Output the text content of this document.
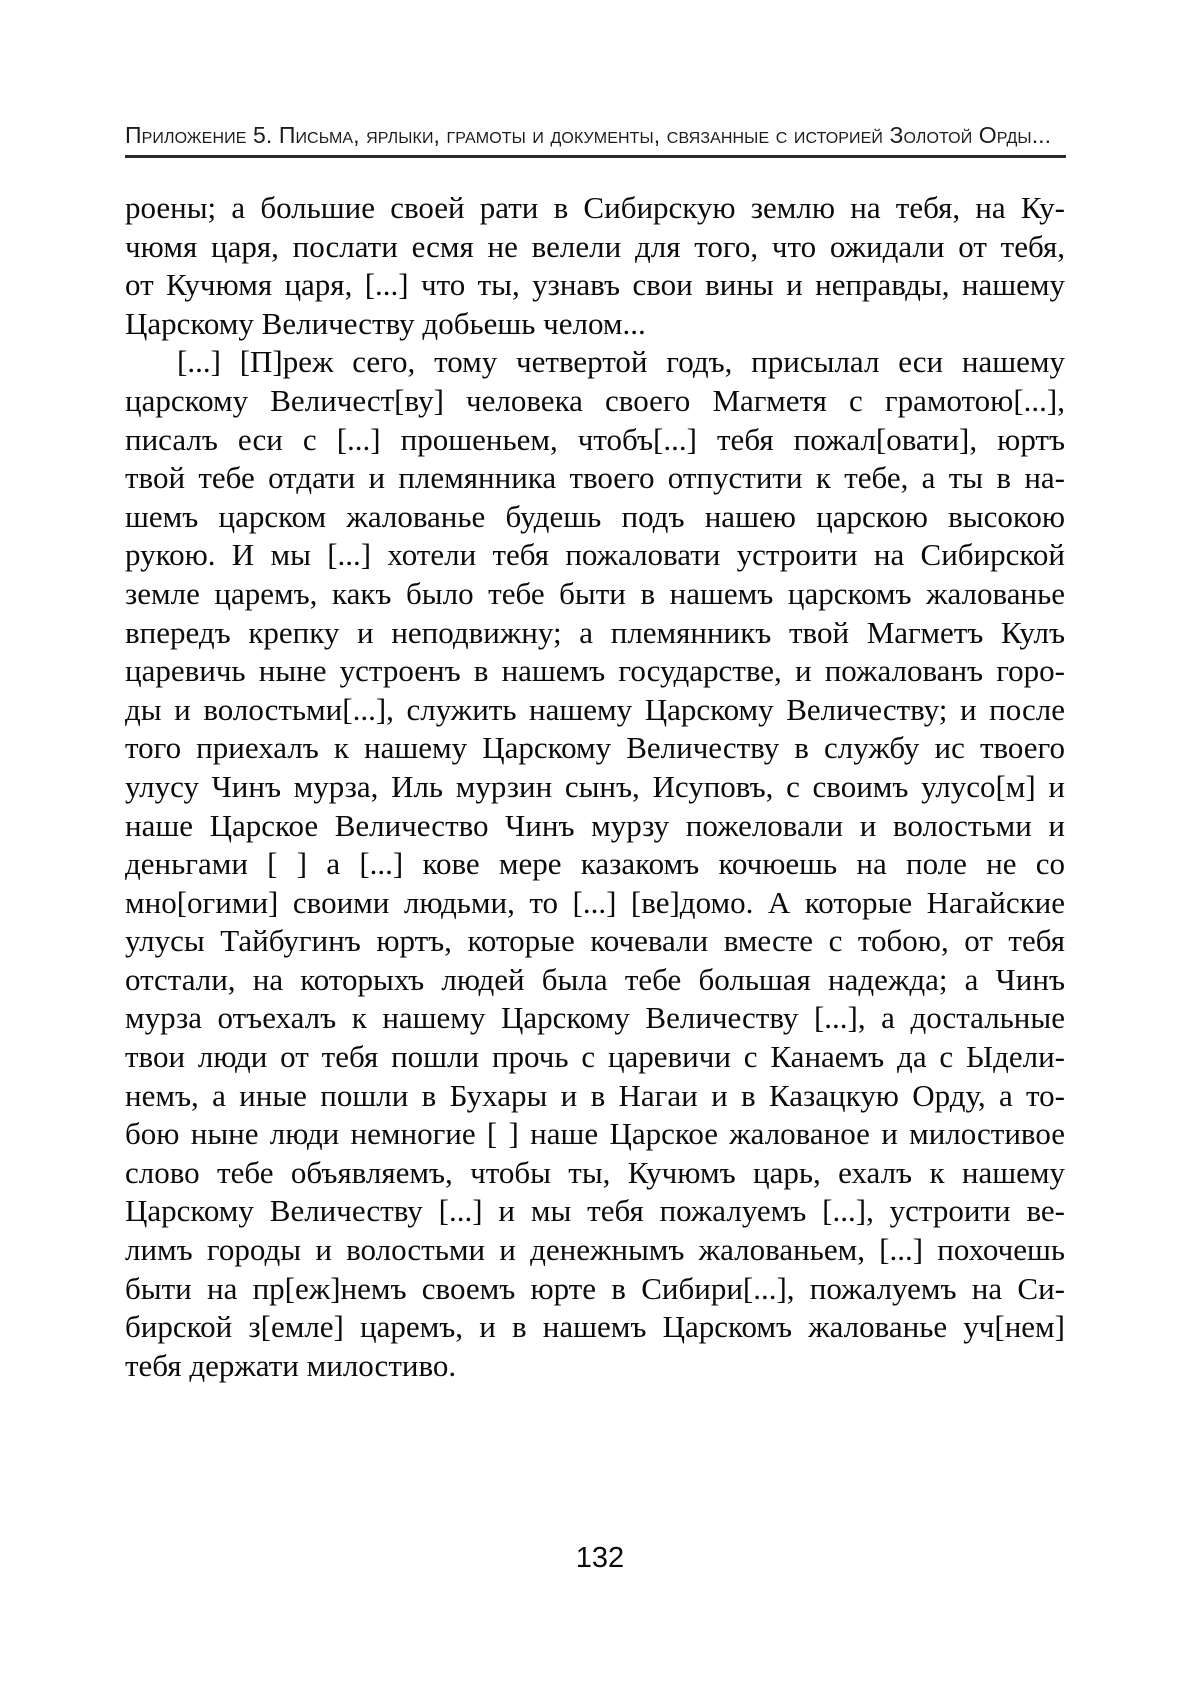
Приложение 5. Письма, ярлыки, грамоты и документы, связанные с историей Золотой Орды...
роены; а большие своей рати в Сибирскую землю на тебя, на Ку-
чюмя царя, послати есмя не велели для того, что ожидали от тебя,
от Кучюмя царя, [...] что ты, узнавъ свои вины и неправды, нашему
Царскому Величеству добьешь челом...
[...] [П]реж сего, тому четвертой годъ, присылал еси нашему
царскому Величест[ву] человека своего Магметя с грамотою[...],
писалъ еси с [...] прошеньем, чтобъ[...] тебя пожал[овати], юртъ
твой тебе отдати и племянника твоего отпустити к тебе, а ты в на-
шемъ царском жалованье будешь подъ нашею царскою высокою
рукою. И мы [...] хотели тебя пожаловати устроити на Сибирской
земле царемъ, какъ было тебе быти в нашемъ царскомъ жалованье
впередъ крепку и неподвижну; а племянникъ твой Магметъ Кулъ
царевичь ныне устроенъ в нашемъ государстве, и пожалованъ горо-
ды и волостьми[...], служить нашему Царскому Величеству; и после
того приехалъ к нашему Царскому Величеству в службу ис твоего
улусу Чинъ мурза, Иль мурзин сынъ, Исуповъ, с своимъ улусо[м] и
наше Царское Величество Чинъ мурзу пожеловали и волостьми и
деньгами [ ] а [...] кове мере казакомъ кочюешь на поле не со
мно[огими] своими людьми, то [...] [ве]домо. А которые Нагайские
улусы Тайбугинъ юртъ, которые кочевали вместе с тобою, от тебя
отстали, на которыхъ людей была тебе большая надежда; а Чинъ
мурза отъехалъ к нашему Царскому Величеству [...], а достальные
твои люди от тебя пошли прочь с царевичи с Канаемъ да с Ыдели-
немъ, а иные пошли в Бухары и в Нагаи и в Казацкую Орду, а то-
бою ныне люди немногие [ ] наше Царское жалованое и милостивое
слово тебе объявляемъ, чтобы ты, Кучюмъ царь, ехалъ к нашему
Царскому Величеству [...] и мы тебя пожалуемъ [...], устроити ве-
лимъ городы и волостьми и денежнымъ жалованьем, [...] похочешь
быти на пр[еж]немъ своемъ юрте в Сибири[...], пожалуемъ на Си-
бирской з[емле] царемъ, и в нашемъ Царскомъ жалованье уч[нем]
тебя держати милостиво.
132
